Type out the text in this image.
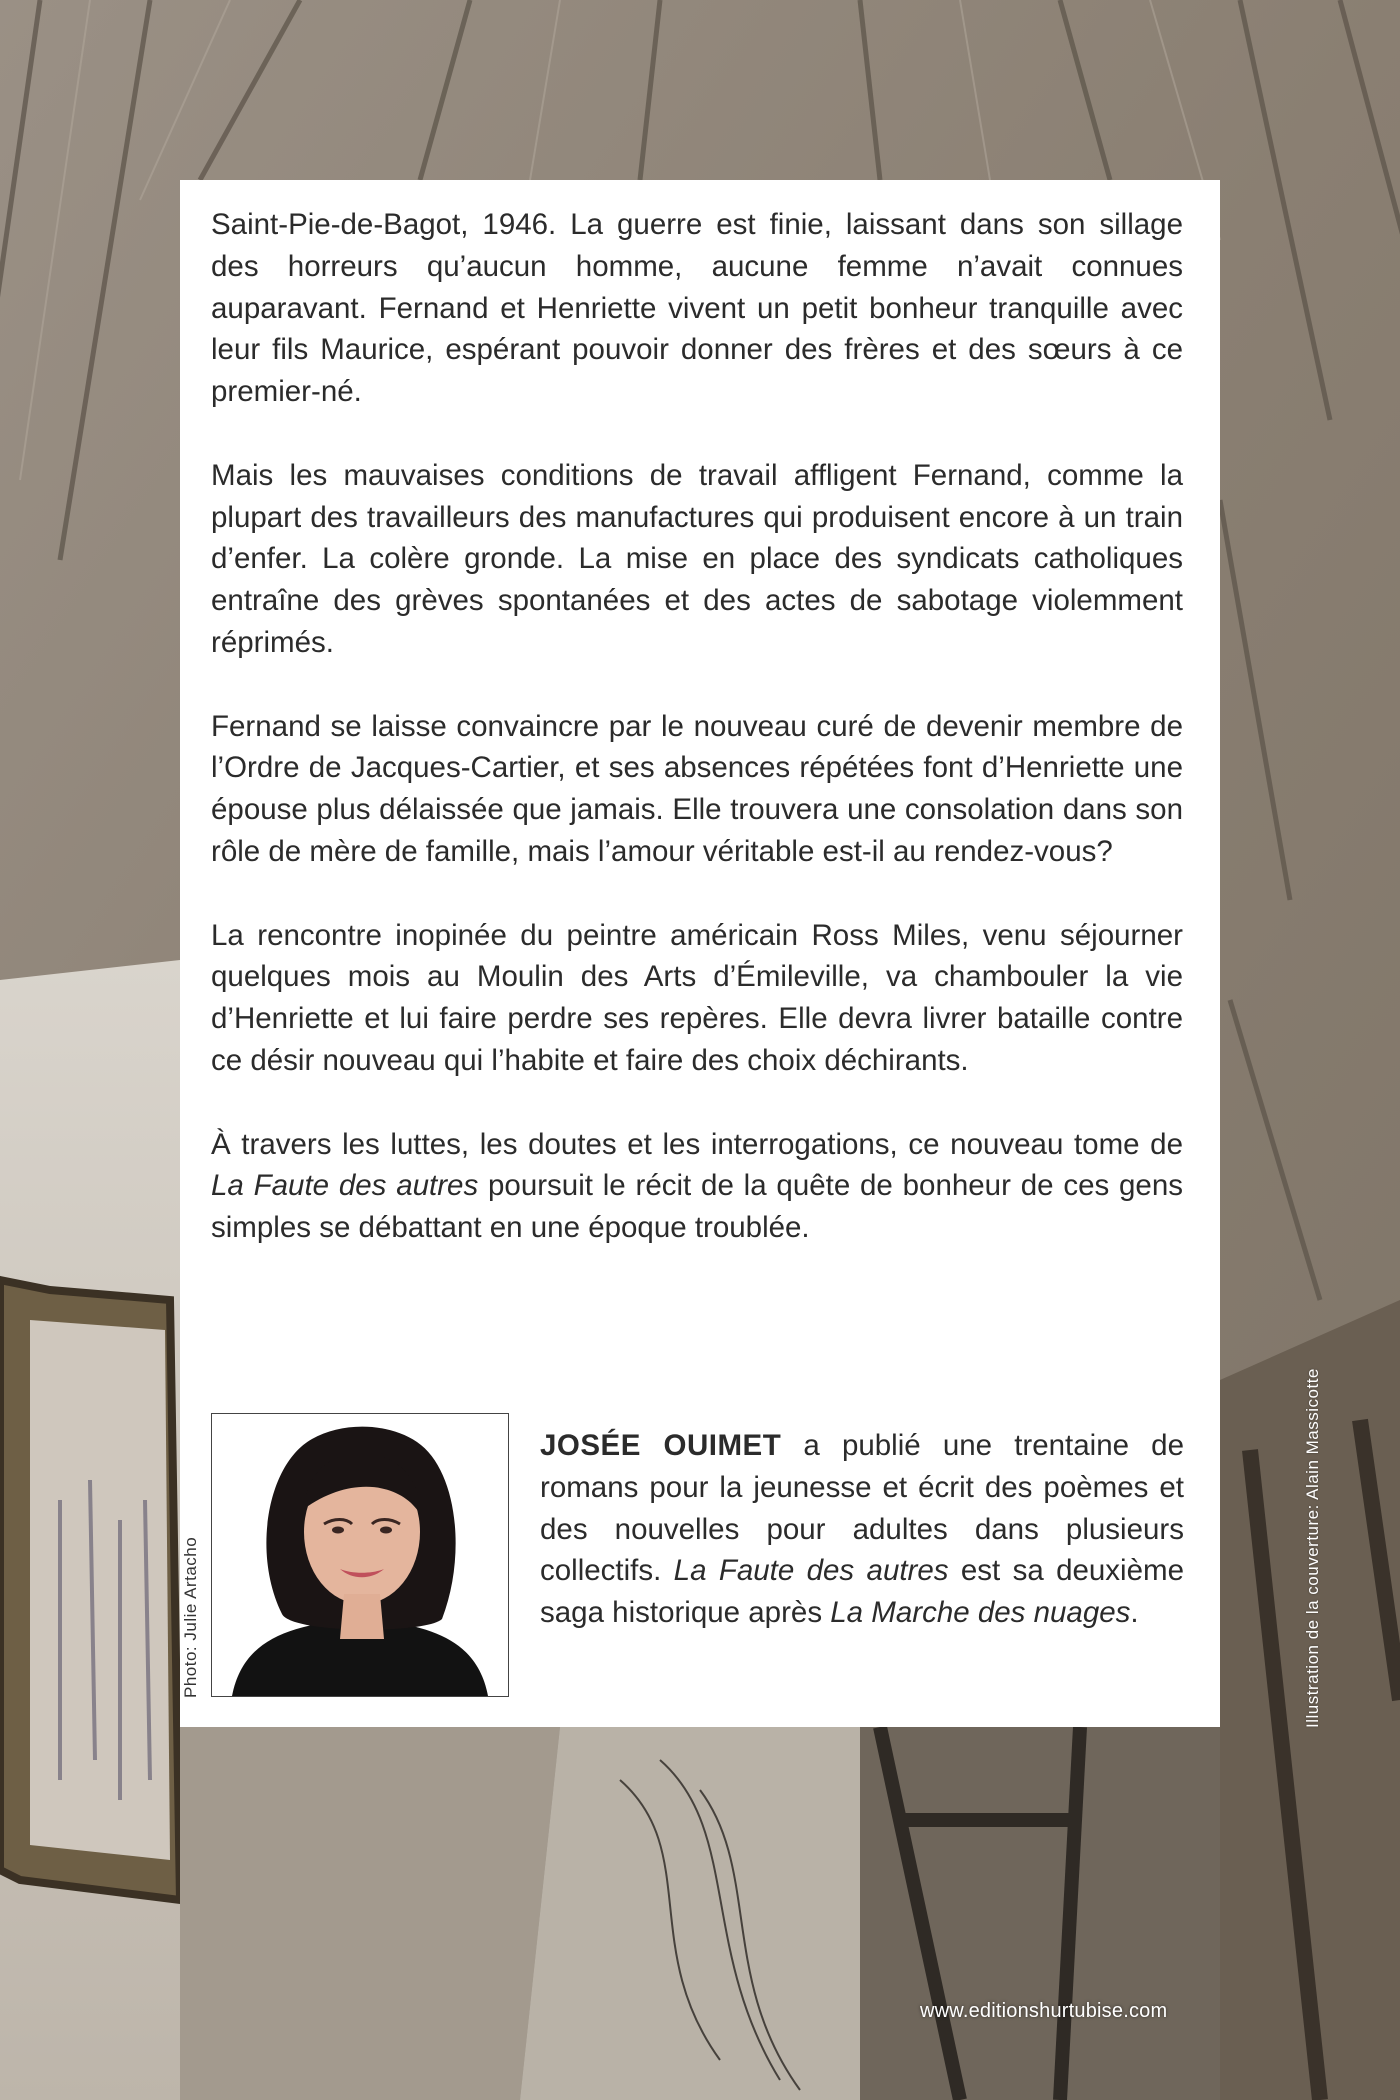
Saint-Pie-de-Bagot, 1946. La guerre est finie, laissant dans son sillage des horreurs qu’aucun homme, aucune femme n’avait connues auparavant. Fernand et Henriette vivent un petit bonheur tranquille avec leur fils Maurice, espérant pouvoir donner des frères et des sœurs à ce premier-né.

Mais les mauvaises conditions de travail affligent Fernand, comme la plupart des travailleurs des manufactures qui produisent encore à un train d’enfer. La colère gronde. La mise en place des syndicats catholiques entraîne des grèves spontanées et des actes de sabotage violemment réprimés.

Fernand se laisse convaincre par le nouveau curé de devenir membre de l’Ordre de Jacques-Cartier, et ses absences répétées font d’Henriette une épouse plus délaissée que jamais. Elle trouvera une consolation dans son rôle de mère de famille, mais l’amour véritable est-il au rendez-vous?

La rencontre inopinée du peintre américain Ross Miles, venu séjourner quelques mois au Moulin des Arts d’Émileville, va chambouler la vie d’Henriette et lui faire perdre ses repères. Elle devra livrer bataille contre ce désir nouveau qui l’habite et faire des choix déchirants.

À travers les luttes, les doutes et les interrogations, ce nouveau tome de La Faute des autres poursuit le récit de la quête de bonheur de ces gens simples se débattant en une époque troublée.

Photo: Julie Artacho
JOSÉE OUIMET a publié une trentaine de romans pour la jeunesse et écrit des poèmes et des nouvelles pour adultes dans plusieurs collectifs. La Faute des autres est sa deuxième saga historique après La Marche des nuages.	Illustration de la couverture: Alain Massicotte
www.editionshurtubise.com
